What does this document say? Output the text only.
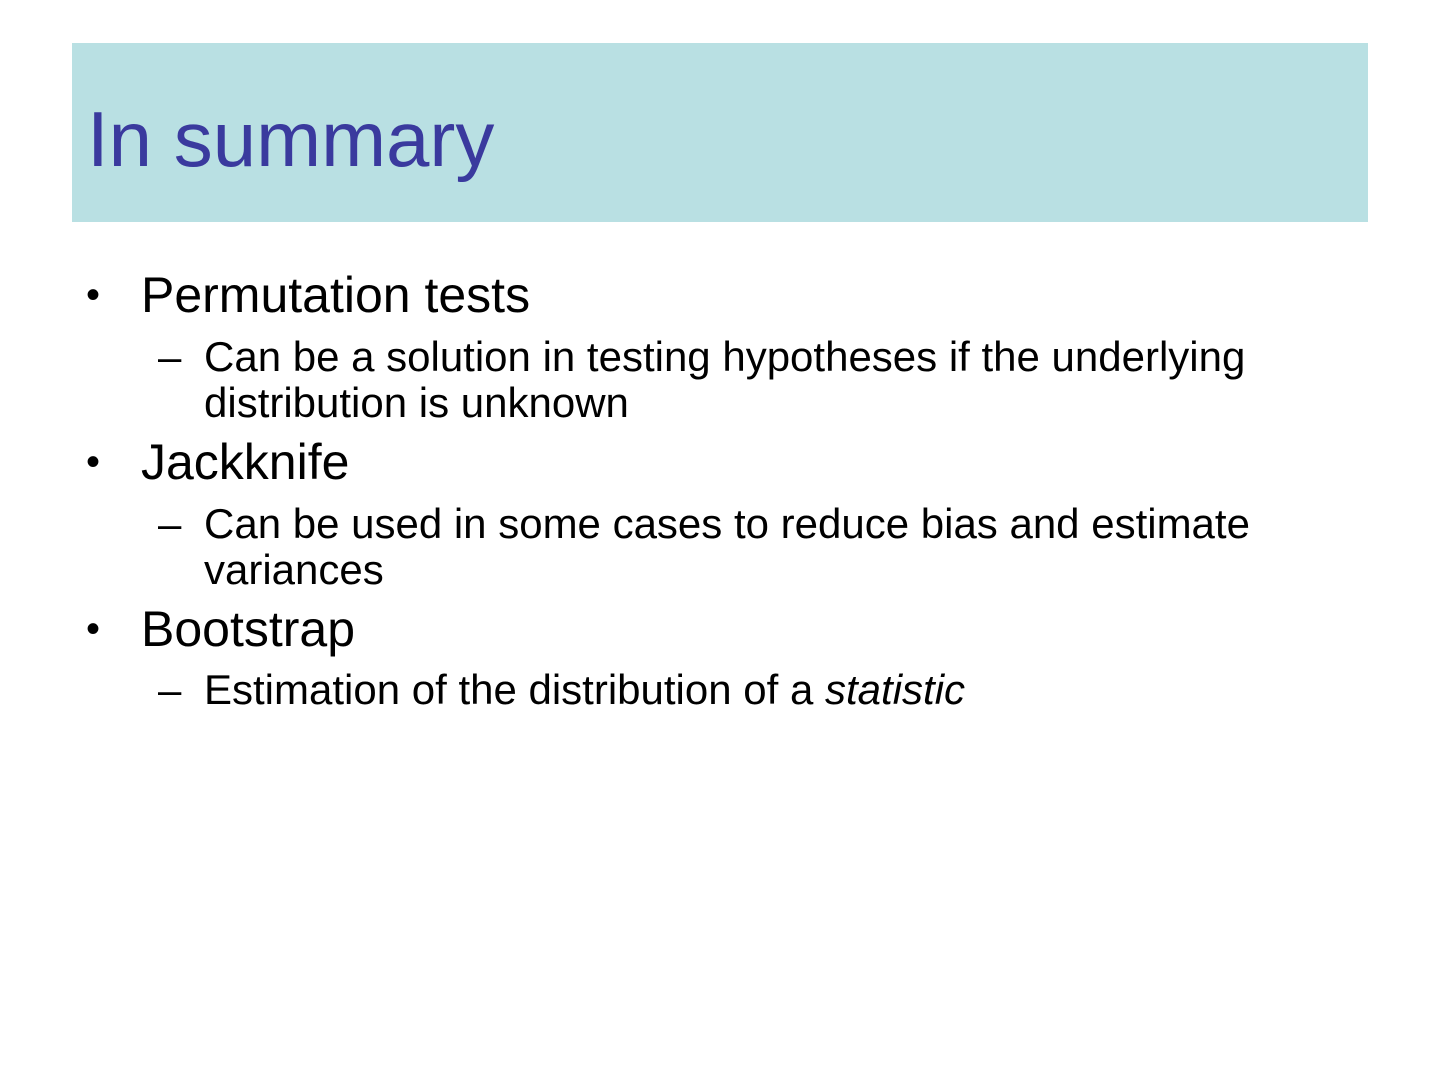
In summary
• Permutation tests
– Can be a solution in testing hypotheses if the underlying distribution is unknown
• Jackknife
– Can be used in some cases to reduce bias and estimate variances
• Bootstrap
– Estimation of the distribution of a statistic
